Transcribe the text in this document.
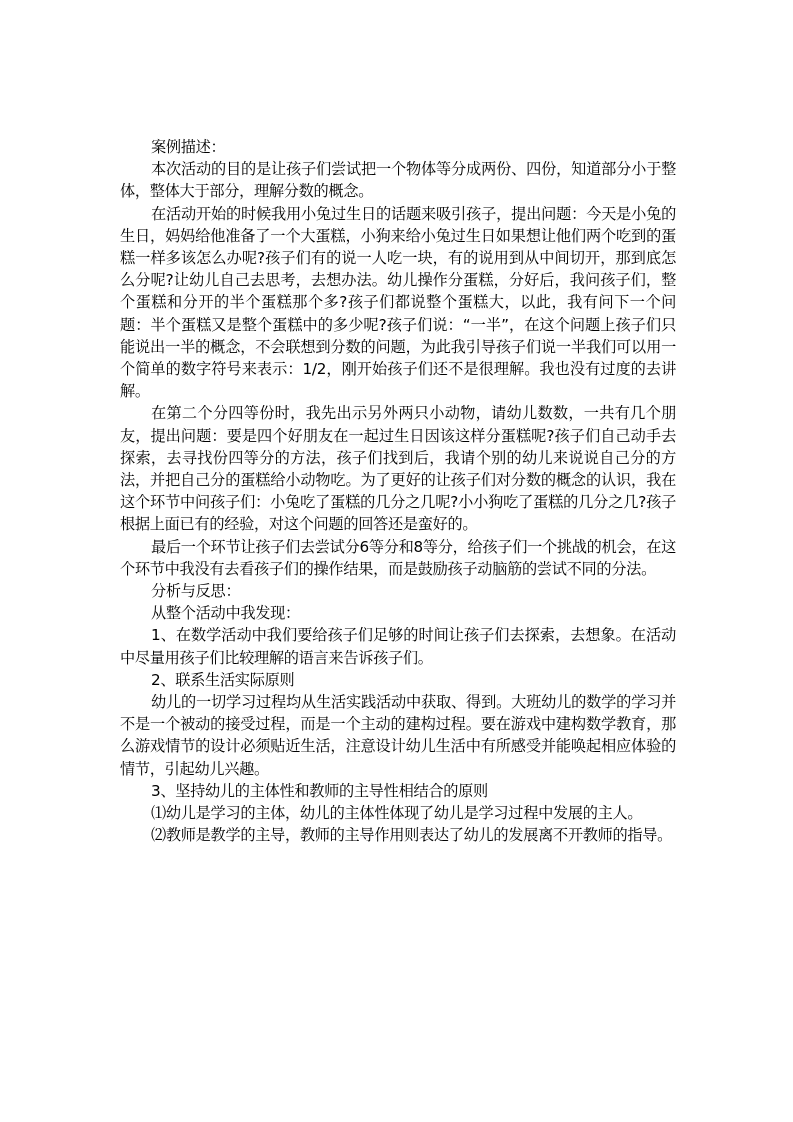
案例描述：

本次活动的目的是让孩子们尝试把一个物体等分成两份、四份，知道部分小于整体，整体大于部分，理解分数的概念。

在活动开始的时候我用小兔过生日的话题来吸引孩子，提出问题：今天是小兔的生日，妈妈给他准备了一个大蛋糕，小狗来给小兔过生日如果想让他们两个吃到的蛋糕一样多该怎么办呢?孩子们有的说一人吃一块，有的说用到从中间切开，那到底怎么分呢?让幼儿自己去思考，去想办法。幼儿操作分蛋糕，分好后，我问孩子们，整个蛋糕和分开的半个蛋糕那个多?孩子们都说整个蛋糕大，以此，我有问下一个问题：半个蛋糕又是整个蛋糕中的多少呢?孩子们说：“一半”，在这个问题上孩子们只能说出一半的概念，不会联想到分数的问题，为此我引导孩子们说一半我们可以用一个简单的数字符号来表示：1/2，刚开始孩子们还不是很理解。我也没有过度的去讲解。

在第二个分四等份时，我先出示另外两只小动物，请幼儿数数，一共有几个朋友，提出问题：要是四个好朋友在一起过生日因该这样分蛋糕呢?孩子们自己动手去探索，去寻找份四等分的方法，孩子们找到后，我请个别的幼儿来说说自己分的方法，并把自己分的蛋糕给小动物吃。为了更好的让孩子们对分数的概念的认识，我在这个环节中问孩子们：小兔吃了蛋糕的几分之几呢?小小狗吃了蛋糕的几分之几?孩子根据上面已有的经验，对这个问题的回答还是蛮好的。

最后一个环节让孩子们去尝试分6等分和8等分，给孩子们一个挑战的机会，在这个环节中我没有去看孩子们的操作结果，而是鼓励孩子动脑筋的尝试不同的分法。

分析与反思：

从整个活动中我发现：

1、在数学活动中我们要给孩子们足够的时间让孩子们去探索，去想象。在活动中尽量用孩子们比较理解的语言来告诉孩子们。

2、联系生活实际原则

幼儿的一切学习过程均从生活实践活动中获取、得到。大班幼儿的数学的学习并不是一个被动的接受过程，而是一个主动的建构过程。要在游戏中建构数学教育，那么游戏情节的设计必须贴近生活，注意设计幼儿生活中有所感受并能唤起相应体验的情节，引起幼儿兴趣。

3、坚持幼儿的主体性和教师的主导性相结合的原则

⑴幼儿是学习的主体，幼儿的主体性体现了幼儿是学习过程中发展的主人。

⑵教师是教学的主导，教师的主导作用则表达了幼儿的发展离不开教师的指导。
